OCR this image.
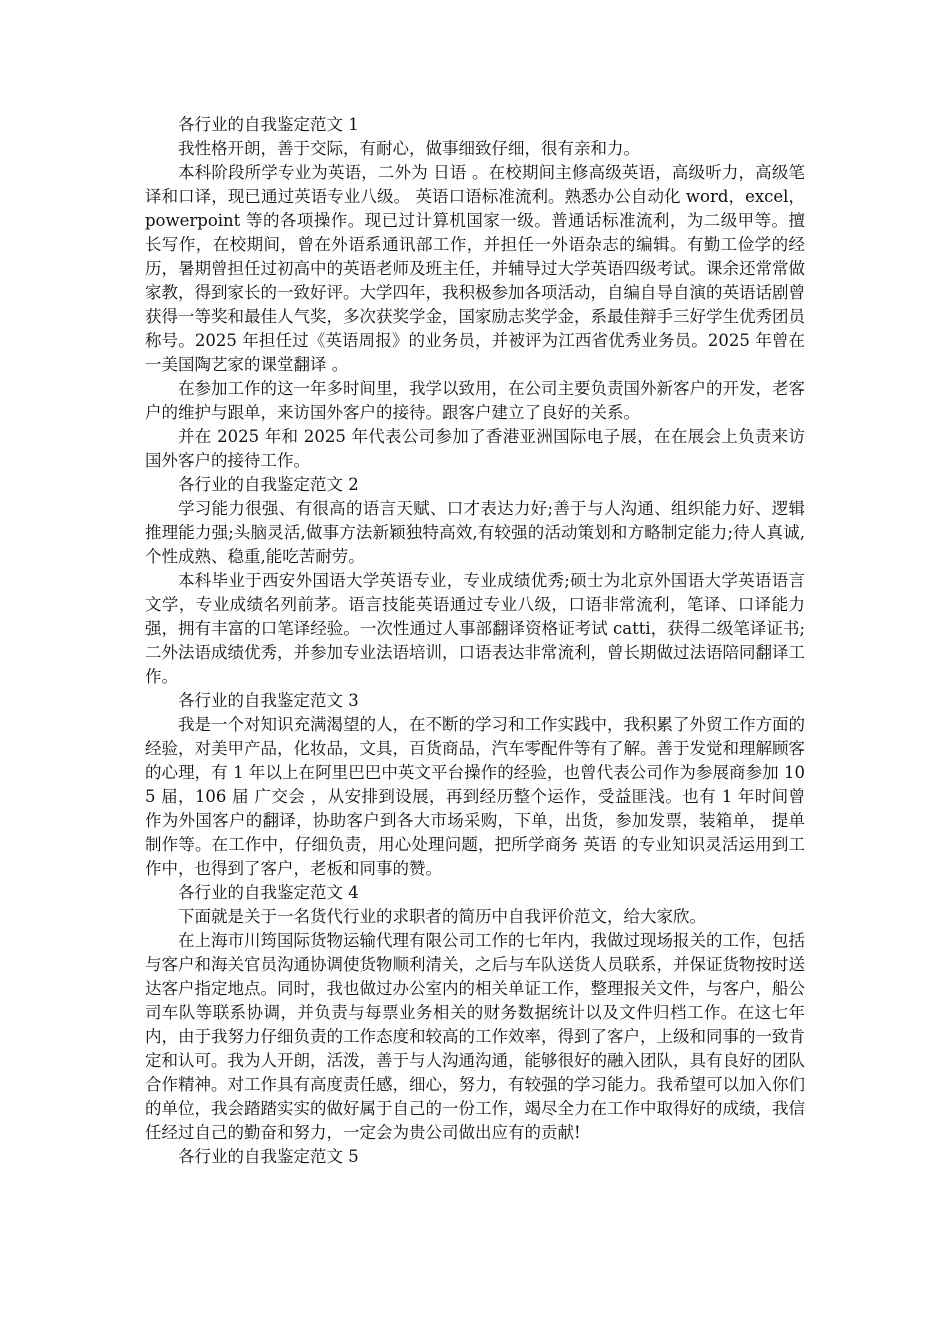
各行业的自我鉴定范文 1

我性格开朗，善于交际，有耐心，做事细致仔细，很有亲和力。

本科阶段所学专业为英语，二外为 日语 。在校期间主修高级英语，高级听力，高级笔译和口译，现已通过英语专业八级。 英语口语标准流利。熟悉办公自动化 word，excel，powerpoint 等的各项操作。现已过计算机国家一级。普通话标准流利，为二级甲等。擅长写作，在校期间，曾在外语系通讯部工作，并担任一外语杂志的编辑。有勤工俭学的经历，暑期曾担任过初高中的英语老师及班主任，并辅导过大学英语四级考试。课余还常常做家教，得到家长的一致好评。大学四年，我积极参加各项活动，自编自导自演的英语话剧曾获得一等奖和最佳人气奖，多次获奖学金，国家励志奖学金，系最佳辩手三好学生优秀团员称号。2025 年担任过《英语周报》的业务员，并被评为江西省优秀业务员。2025 年曾在一美国陶艺家的课堂翻译 。

在参加工作的这一年多时间里，我学以致用，在公司主要负责国外新客户的开发，老客户的维护与跟单，来访国外客户的接待。跟客户建立了良好的关系。

并在 2025 年和 2025 年代表公司参加了香港亚洲国际电子展，在在展会上负责来访国外客户的接待工作。

各行业的自我鉴定范文 2

学习能力很强、有很高的语言天赋、口才表达力好;善于与人沟通、组织能力好、逻辑推理能力强;头脑灵活,做事方法新颖独特高效,有较强的活动策划和方略制定能力;待人真诚,个性成熟、稳重,能吃苦耐劳。

本科毕业于西安外国语大学英语专业，专业成绩优秀;硕士为北京外国语大学英语语言文学，专业成绩名列前茅。语言技能英语通过专业八级，口语非常流利，笔译、口译能力强，拥有丰富的口笔译经验。一次性通过人事部翻译资格证考试 catti，获得二级笔译证书;二外法语成绩优秀，并参加专业法语培训，口语表达非常流利，曾长期做过法语陪同翻译工作。

各行业的自我鉴定范文 3

我是一个对知识充满渴望的人，在不断的学习和工作实践中，我积累了外贸工作方面的经验，对美甲产品，化妆品，文具，百货商品，汽车零配件等有了解。善于发觉和理解顾客的心理，有 1 年以上在阿里巴巴中英文平台操作的经验，也曾代表公司作为参展商参加 105 届，106 届 广交会 ，从安排到设展，再到经历整个运作，受益匪浅。也有 1 年时间曾作为外国客户的翻译，协助客户到各大市场采购，下单，出货，参加发票，装箱单， 提单 制作等。在工作中，仔细负责，用心处理问题，把所学商务 英语 的专业知识灵活运用到工作中，也得到了客户，老板和同事的赞。

各行业的自我鉴定范文 4

下面就是关于一名货代行业的求职者的简历中自我评价范文，给大家欣。

在上海市川筠国际货物运输代理有限公司工作的七年内，我做过现场报关的工作，包括与客户和海关官员沟通协调使货物顺利清关，之后与车队送货人员联系，并保证货物按时送达客户指定地点。同时，我也做过办公室内的相关单证工作，整理报关文件，与客户，船公司车队等联系协调，并负责与每票业务相关的财务数据统计以及文件归档工作。在这七年内，由于我努力仔细负责的工作态度和较高的工作效率，得到了客户，上级和同事的一致肯定和认可。我为人开朗，活泼，善于与人沟通沟通，能够很好的融入团队，具有良好的团队合作精神。对工作具有高度责任感，细心，努力，有较强的学习能力。我希望可以加入你们的单位，我会踏踏实实的做好属于自己的一份工作，竭尽全力在工作中取得好的成绩，我信任经过自己的勤奋和努力，一定会为贵公司做出应有的贡献!

各行业的自我鉴定范文 5
